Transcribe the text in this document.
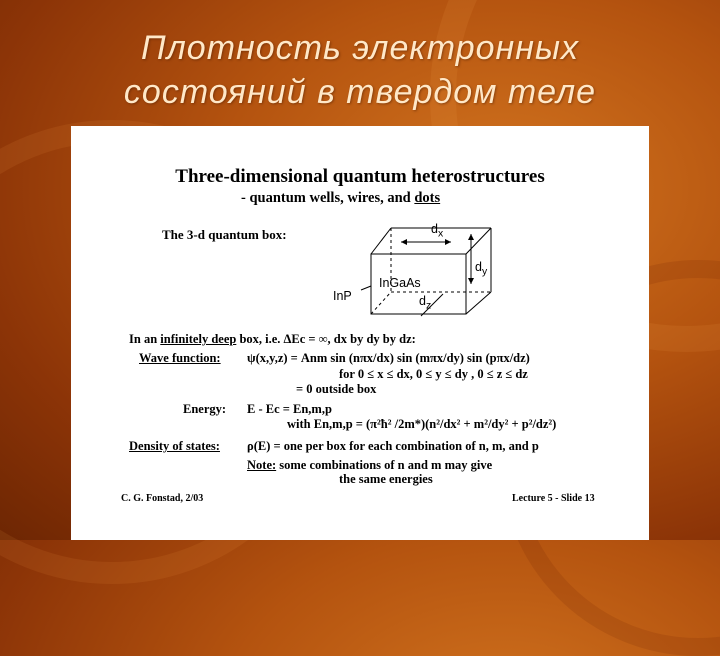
Плотность электронных
состояний в твердом теле
Three-dimensional quantum heterostructures
- quantum wells, wires, and dots
The 3-d quantum box:	$d_x$
$d_y$
$d_z$
InGaAs
InP
In an infinitely deep box, i.e. ΔEc = ∞, dx by dy by dz:
Wave function: ψ(x,y,z) = Anm sin (nπx/dx) sin (mπx/dy) sin (pπx/dz)
for 0 ≤ x ≤ dx, 0 ≤ y ≤ dy , 0 ≤ z ≤ dz
= 0 outside box
Energy: E - Ec = En,m,p
with En,m,p = (π²ħ² /2m*)(n²/dx² + m²/dy² + p²/dz²)
Density of states: ρ(E) = one per box for each combination of n, m, and p
Note: some combinations of n and m may give
the same energies
C. G. Fonstad, 2/03	Lecture 5 - Slide 13
